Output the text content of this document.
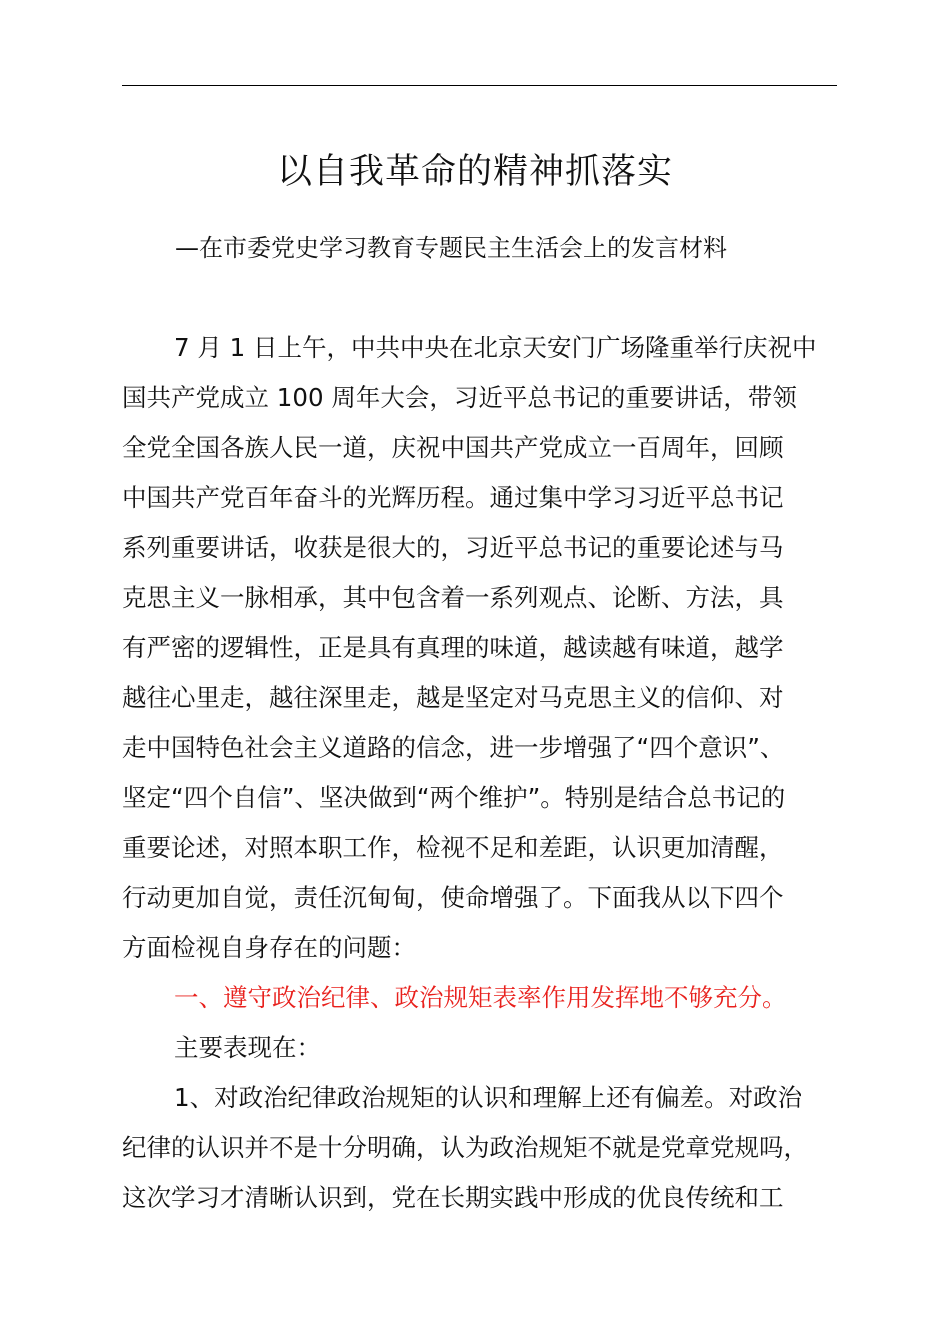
以自我革命的精神抓落实
—在市委党史学习教育专题民主生活会上的发言材料
7 月 1 日上午，中共中央在北京天安门广场隆重举行庆祝中
国共产党成立 100 周年大会，习近平总书记的重要讲话，带领
全党全国各族人民一道，庆祝中国共产党成立一百周年，回顾
中国共产党百年奋斗的光辉历程。通过集中学习习近平总书记
系列重要讲话，收获是很大的，习近平总书记的重要论述与马
克思主义一脉相承，其中包含着一系列观点、论断、方法，具
有严密的逻辑性，正是具有真理的味道，越读越有味道，越学
越往心里走，越往深里走，越是坚定对马克思主义的信仰、对
走中国特色社会主义道路的信念，进一步增强了“四个意识”、
坚定“四个自信”、坚决做到“两个维护”。特别是结合总书记的
重要论述，对照本职工作，检视不足和差距，认识更加清醒，
行动更加自觉，责任沉甸甸，使命增强了。下面我从以下四个
方面检视自身存在的问题：
一、遵守政治纪律、政治规矩表率作用发挥地不够充分。
主要表现在：
1、对政治纪律政治规矩的认识和理解上还有偏差。对政治
纪律的认识并不是十分明确，认为政治规矩不就是党章党规吗，
这次学习才清晰认识到，党在长期实践中形成的优良传统和工
